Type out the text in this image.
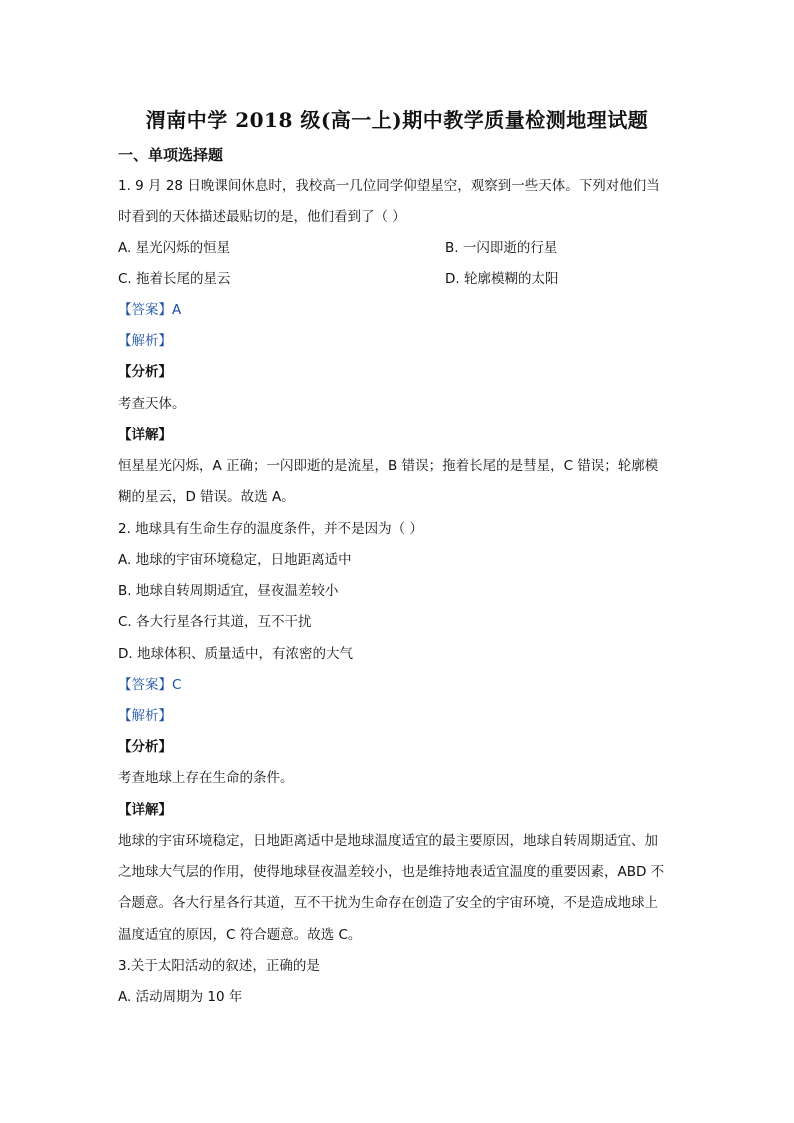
渭南中学 2018 级(高一上)期中教学质量检测地理试题
一、单项选择题
1. 9 月 28 日晚课间休息时，我校高一几位同学仰望星空，观察到一些天体。下列对他们当
时看到的天体描述最贴切的是，他们看到了（ ）
A. 星光闪烁的恒星	B. 一闪即逝的行星
C. 拖着长尾的星云	D. 轮廓模糊的太阳
【答案】A
【解析】
【分析】
考查天体。
【详解】
恒星星光闪烁，A 正确；一闪即逝的是流星，B 错误；拖着长尾的是彗星，C 错误；轮廓模
糊的星云，D 错误。故选 A。
2. 地球具有生命生存的温度条件，并不是因为（ ）
A. 地球的宇宙环境稳定，日地距离适中
B. 地球自转周期适宜，昼夜温差较小
C. 各大行星各行其道，互不干扰
D. 地球体积、质量适中，有浓密的大气
【答案】C
【解析】
【分析】
考查地球上存在生命的条件。
【详解】
地球的宇宙环境稳定，日地距离适中是地球温度适宜的最主要原因，地球自转周期适宜、加
之地球大气层的作用，使得地球昼夜温差较小，也是维持地表适宜温度的重要因素，ABD 不
合题意。各大行星各行其道，互不干扰为生命存在创造了安全的宇宙环境，不是造成地球上
温度适宜的原因，C 符合题意。故选 C。
3.关于太阳活动的叙述，正确的是
A. 活动周期为 10 年
